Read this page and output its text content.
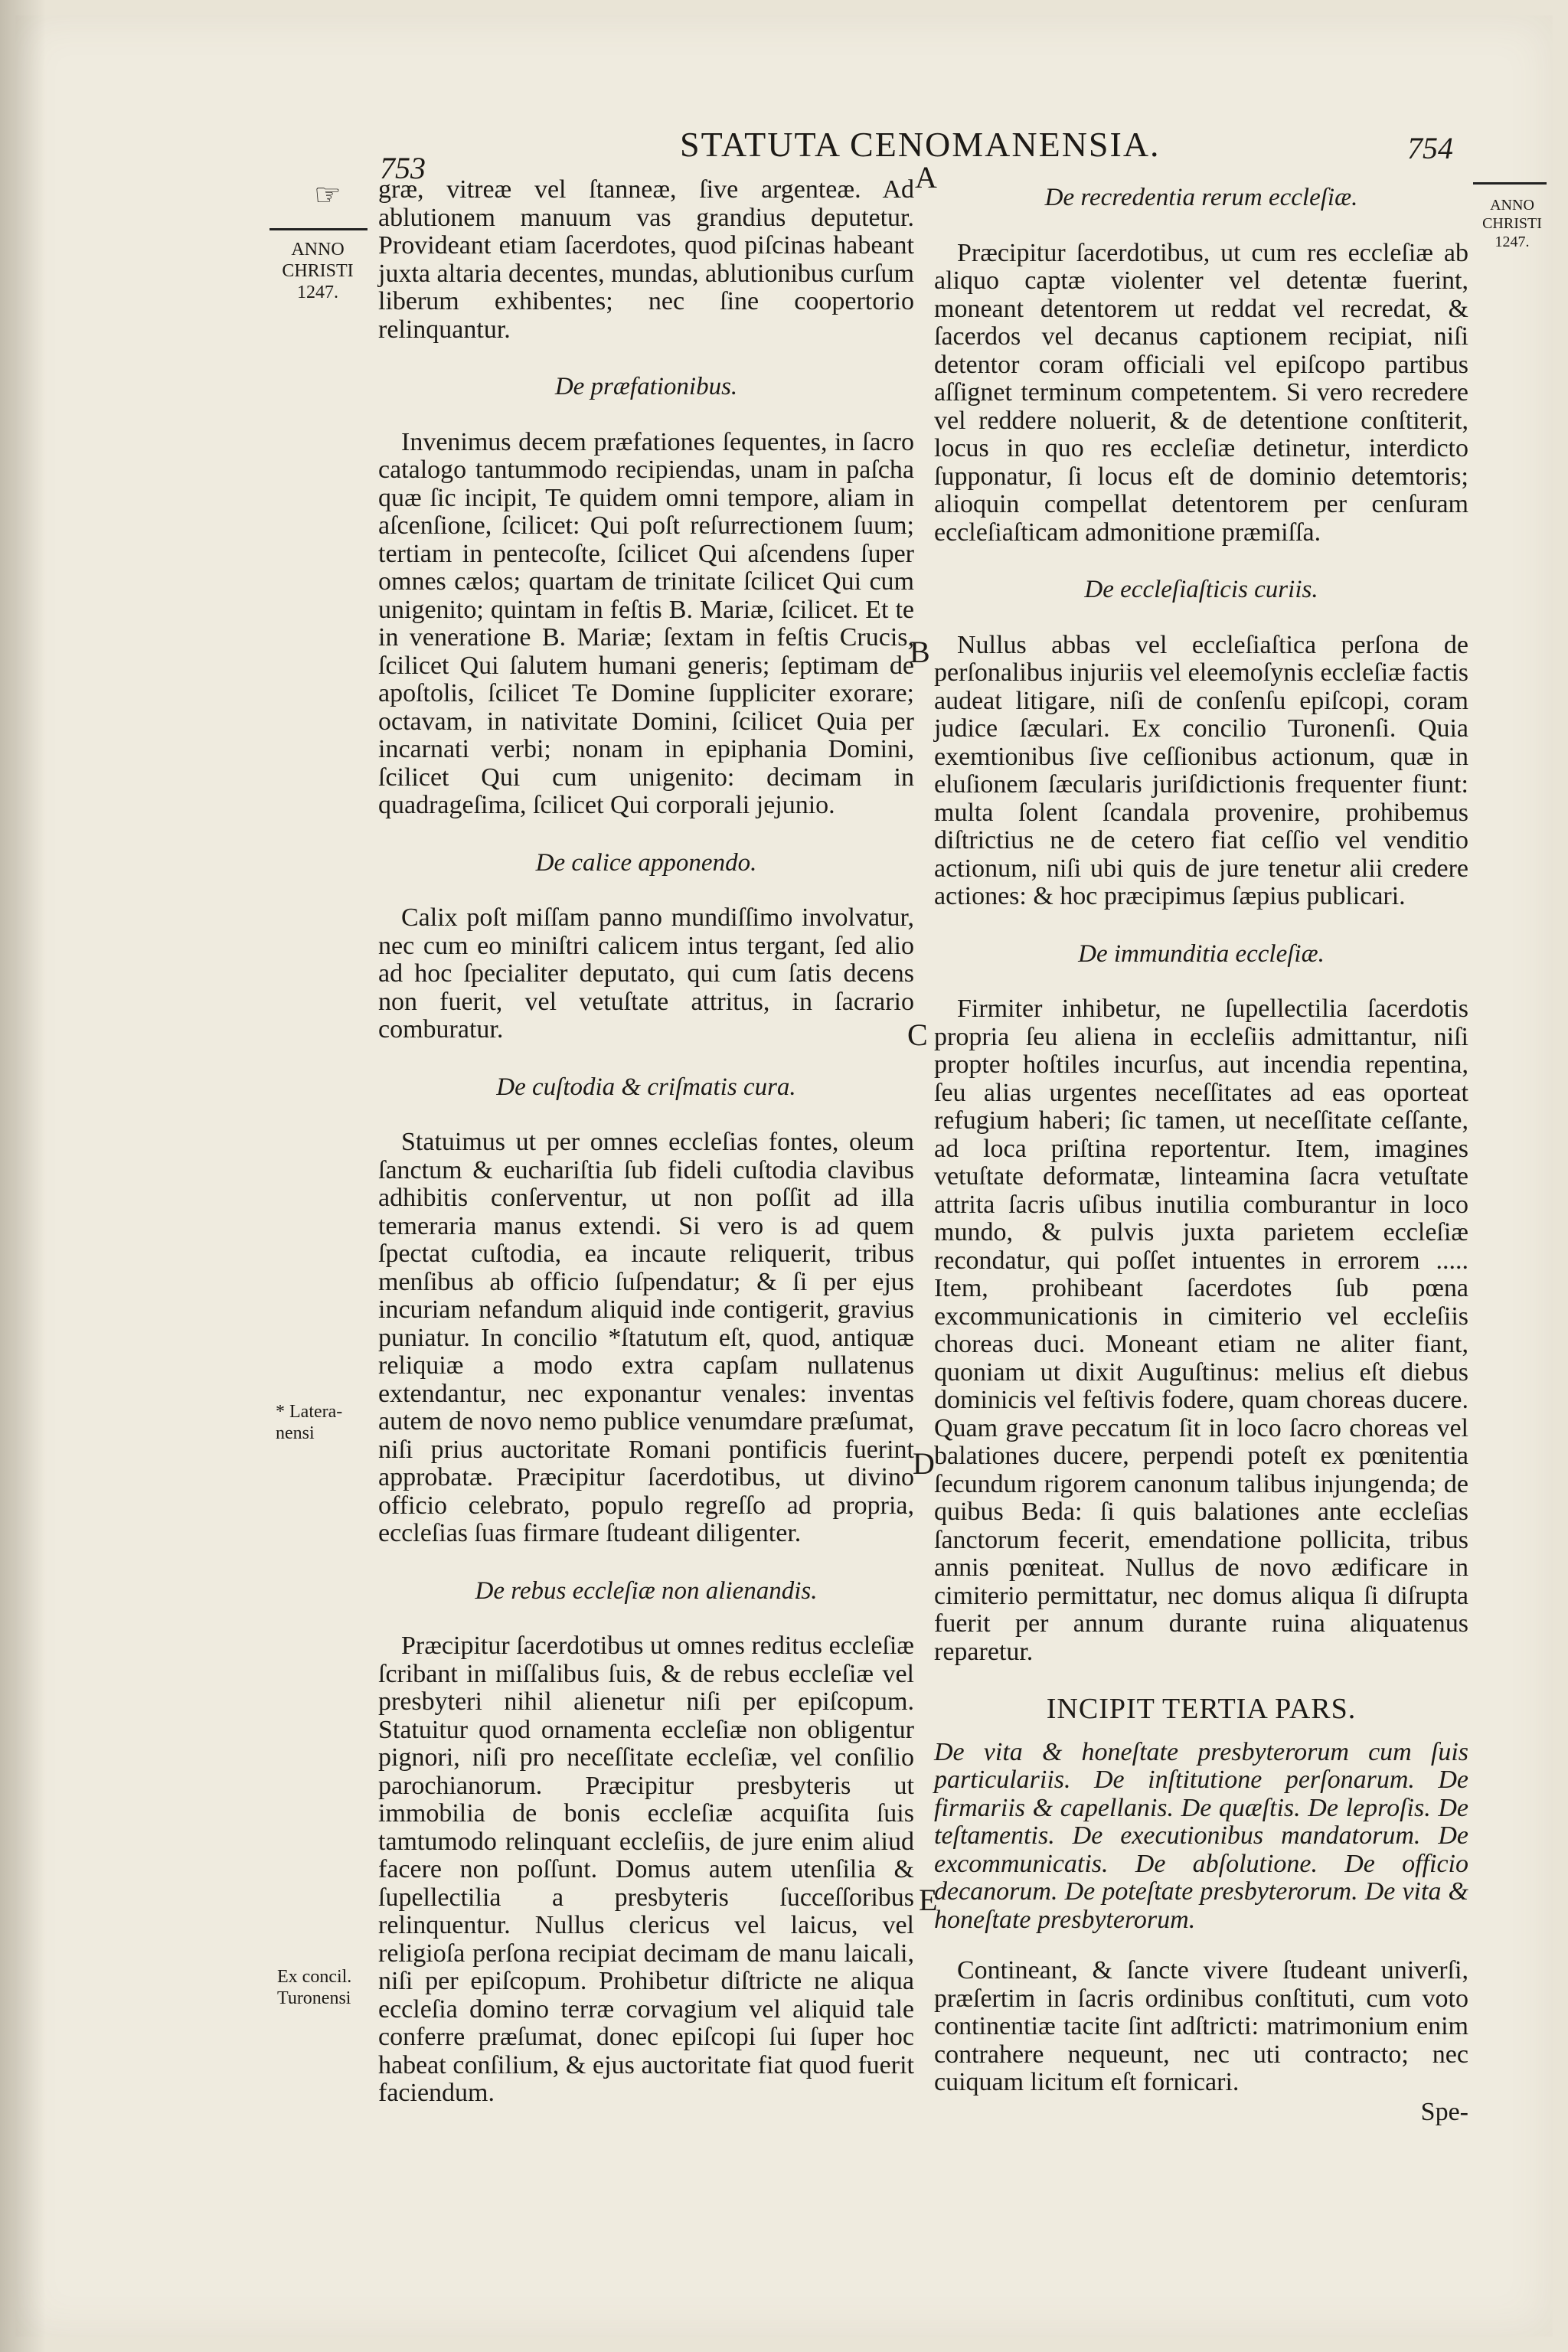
STATUTA CENOMANENSIA.
753
754
☞
ANNO
CHRISTI
1247.
ANNO
CHRISTI
1247.
* Latera-
nensi
Ex concil.
Turonensi
A
B
C
D
E

græ, vitreæ vel ſtanneæ, ſive argenteæ. Ad ablutionem manuum vas grandius deputetur. Provideant etiam ſacerdotes, quod piſcinas habeant juxta altaria decentes, mundas, ablutionibus curſum liberum exhibentes; nec ſine coopertorio relinquantur.

De præfationibus.

Invenimus decem præfationes ſequentes, in ſacro catalogo tantummodo recipiendas, unam in paſcha quæ ſic incipit, Te quidem omni tempore, aliam in aſcenſione, ſcilicet: Qui poſt reſurrectionem ſuum; tertiam in pentecoſte, ſcilicet Qui aſcendens ſuper omnes cælos; quartam de trinitate ſcilicet Qui cum unigenito; quintam in feſtis B. Mariæ, ſcilicet. Et te in veneratione B. Mariæ; ſextam in feſtis Crucis, ſcilicet Qui ſalutem humani generis; ſeptimam de apoſtolis, ſcilicet Te Domine ſuppliciter exorare; octavam, in nativitate Domini, ſcilicet Quia per incarnati verbi; nonam in epiphania Domini, ſcilicet Qui cum unigenito: decimam in quadrageſima, ſcilicet Qui corporali jejunio.

De calice apponendo.

Calix poſt miſſam panno mundiſſimo involvatur, nec cum eo miniſtri calicem intus tergant, ſed alio ad hoc ſpecialiter deputato, qui cum ſatis decens non fuerit, vel vetuſtate attritus, in ſacrario comburatur.

De cuſtodia & criſmatis cura.

Statuimus ut per omnes eccleſias fontes, oleum ſanctum & euchariſtia ſub fideli cuſtodia clavibus adhibitis conſerventur, ut non poſſit ad illa temeraria manus extendi. Si vero is ad quem ſpectat cuſtodia, ea incaute reliquerit, tribus menſibus ab officio ſuſpendatur; & ſi per ejus incuriam nefandum aliquid inde contigerit, gravius puniatur. In concilio *ſtatutum eſt, quod, antiquæ reliquiæ a modo extra capſam nullatenus extendantur, nec exponantur venales: inventas autem de novo nemo publice venumdare præſumat, niſi prius auctoritate Romani pontificis fuerint approbatæ. Præcipitur ſacerdotibus, ut divino officio celebrato, populo regreſſo ad propria, eccleſias ſuas firmare ſtudeant diligenter.

De rebus eccleſiæ non alienandis.

Præcipitur ſacerdotibus ut omnes reditus eccleſiæ ſcribant in miſſalibus ſuis, & de rebus eccleſiæ vel presbyteri nihil alienetur niſi per epiſcopum. Statuitur quod ornamenta eccleſiæ non obligentur pignori, niſi pro neceſſitate eccleſiæ, vel conſilio parochianorum. Præcipitur presbyteris ut immobilia de bonis eccleſiæ acquiſita ſuis tamtumodo relinquant eccleſiis, de jure enim aliud facere non poſſunt. Domus autem utenſilia & ſupellectilia a presbyteris ſucceſſoribus relinquentur. Nullus clericus vel laicus, vel religioſa perſona recipiat decimam de manu laicali, niſi per epiſcopum. Prohibetur diſtricte ne aliqua eccleſia domino terræ corvagium vel aliquid tale conferre præſumat, donec epiſcopi ſui ſuper hoc habeat conſilium, & ejus auctoritate fiat quod fuerit faciendum.

De recredentia rerum eccleſiæ.

Præcipitur ſacerdotibus, ut cum res eccleſiæ ab aliquo captæ violenter vel detentæ fuerint, moneant detentorem ut reddat vel recredat, & ſacerdos vel decanus captionem recipiat, niſi detentor coram officiali vel epiſcopo partibus aſſignet terminum competentem. Si vero recredere vel reddere noluerit, & de detentione conſtiterit, locus in quo res eccleſiæ detinetur, interdicto ſupponatur, ſi locus eſt de dominio detemtoris; alioquin compellat detentorem per cenſuram eccleſiaſticam admonitione præmiſſa.

De eccleſiaſticis curiis.

Nullus abbas vel eccleſiaſtica perſona de perſonalibus injuriis vel eleemoſynis eccleſiæ factis audeat litigare, niſi de conſenſu epiſcopi, coram judice ſæculari. Ex concilio Turonenſi. Quia exemtionibus ſive ceſſionibus actionum, quæ in eluſionem ſæcularis juriſdictionis frequenter fiunt: multa ſolent ſcandala provenire, prohibemus diſtrictius ne de cetero fiat ceſſio vel venditio actionum, niſi ubi quis de jure tenetur alii credere actiones: & hoc præcipimus ſæpius publicari.

De immunditia eccleſiæ.

Firmiter inhibetur, ne ſupellectilia ſacerdotis propria ſeu aliena in eccleſiis admittantur, niſi propter hoſtiles incurſus, aut incendia repentina, ſeu alias urgentes neceſſitates ad eas oporteat refugium haberi; ſic tamen, ut neceſſitate ceſſante, ad loca priſtina reportentur. Item, imagines vetuſtate deformatæ, linteamina ſacra vetuſtate attrita ſacris uſibus inutilia comburantur in loco mundo, & pulvis juxta parietem eccleſiæ recondatur, qui poſſet intuentes in errorem ..... Item, prohibeant ſacerdotes ſub pœna excommunicationis in cimiterio vel eccleſiis choreas duci. Moneant etiam ne aliter fiant, quoniam ut dixit Auguſtinus: melius eſt diebus dominicis vel feſtivis fodere, quam choreas ducere. Quam grave peccatum ſit in loco ſacro choreas vel balationes ducere, perpendi poteſt ex pœnitentia ſecundum rigorem canonum talibus injungenda; de quibus Beda: ſi quis balationes ante eccleſias ſanctorum fecerit, emendatione pollicita, tribus annis pœniteat. Nullus de novo ædificare in cimiterio permittatur, nec domus aliqua ſi diſrupta fuerit per annum durante ruina aliquatenus reparetur.

INCIPIT TERTIA PARS.

De vita & honeſtate presbyterorum cum ſuis particulariis. De inſtitutione perſonarum. De firmariis & capellanis. De quæſtis. De leproſis. De teſtamentis. De executionibus mandatorum. De excommunicatis. De abſolutione. De officio decanorum. De poteſtate presbyterorum. De vita & honeſtate presbyterorum.

Contineant, & ſancte vivere ſtudeant univerſi, præſertim in ſacris ordinibus conſtituti, cum voto continentiæ tacite ſint adſtricti: matrimonium enim contrahere nequeunt, nec uti contracto; nec cuiquam licitum eſt fornicari.

Spe-
